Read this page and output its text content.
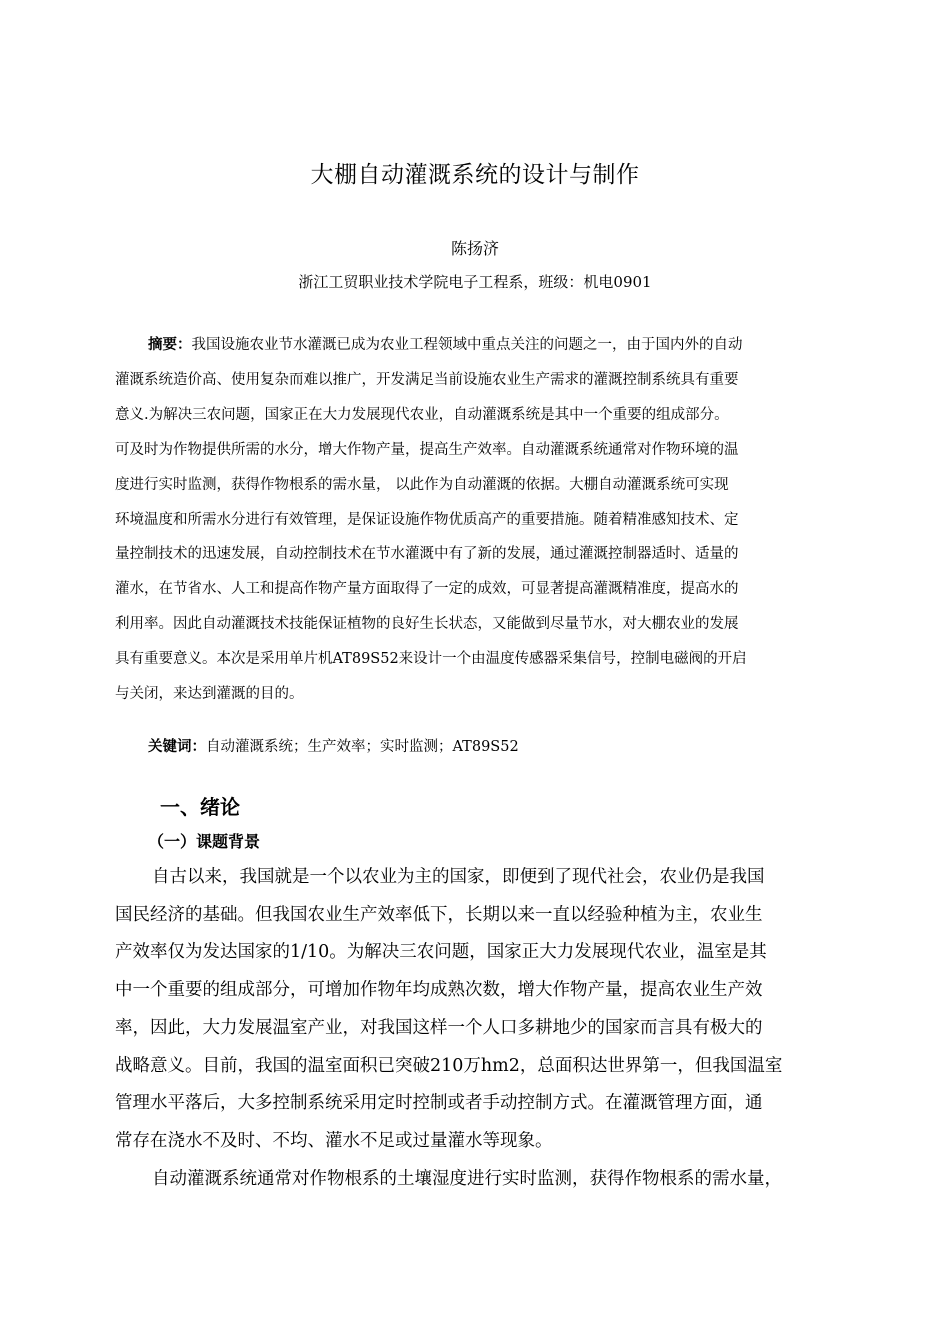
大棚自动灌溉系统的设计与制作
陈扬济
浙江工贸职业技术学院电子工程系，班级：机电0901
摘要：我国设施农业节水灌溉已成为农业工程领域中重点关注的问题之一，由于国内外的自动
灌溉系统造价高、使用复杂而难以推广，开发满足当前设施农业生产需求的灌溉控制系统具有重要
意义.为解决三农问题，国家正在大力发展现代农业，自动灌溉系统是其中一个重要的组成部分。
可及时为作物提供所需的水分，增大作物产量，提高生产效率。自动灌溉系统通常对作物环境的温
度进行实时监测，获得作物根系的需水量， 以此作为自动灌溉的依据。大棚自动灌溉系统可实现
环境温度和所需水分进行有效管理，是保证设施作物优质高产的重要措施。随着精准感知技术、定
量控制技术的迅速发展，自动控制技术在节水灌溉中有了新的发展，通过灌溉控制器适时、适量的
灌水，在节省水、人工和提高作物产量方面取得了一定的成效，可显著提高灌溉精准度，提高水的
利用率。因此自动灌溉技术技能保证植物的良好生长状态，又能做到尽量节水，对大棚农业的发展
具有重要意义。本次是采用单片机AT89S52来设计一个由温度传感器采集信号，控制电磁阀的开启
与关闭，来达到灌溉的目的。
关键词：自动灌溉系统；生产效率；实时监测；AT89S52
一、绪论
（一）课题背景
自古以来，我国就是一个以农业为主的国家，即便到了现代社会，农业仍是我国
国民经济的基础。但我国农业生产效率低下，长期以来一直以经验种植为主，农业生
产效率仅为发达国家的1/10。为解决三农问题，国家正大力发展现代农业，温室是其
中一个重要的组成部分，可增加作物年均成熟次数，增大作物产量，提高农业生产效
率，因此，大力发展温室产业，对我国这样一个人口多耕地少的国家而言具有极大的
战略意义。目前，我国的温室面积已突破210万hm2，总面积达世界第一，但我国温室
管理水平落后，大多控制系统采用定时控制或者手动控制方式。在灌溉管理方面，通
常存在浇水不及时、不均、灌水不足或过量灌水等现象。
自动灌溉系统通常对作物根系的土壤湿度进行实时监测，获得作物根系的需水量，
